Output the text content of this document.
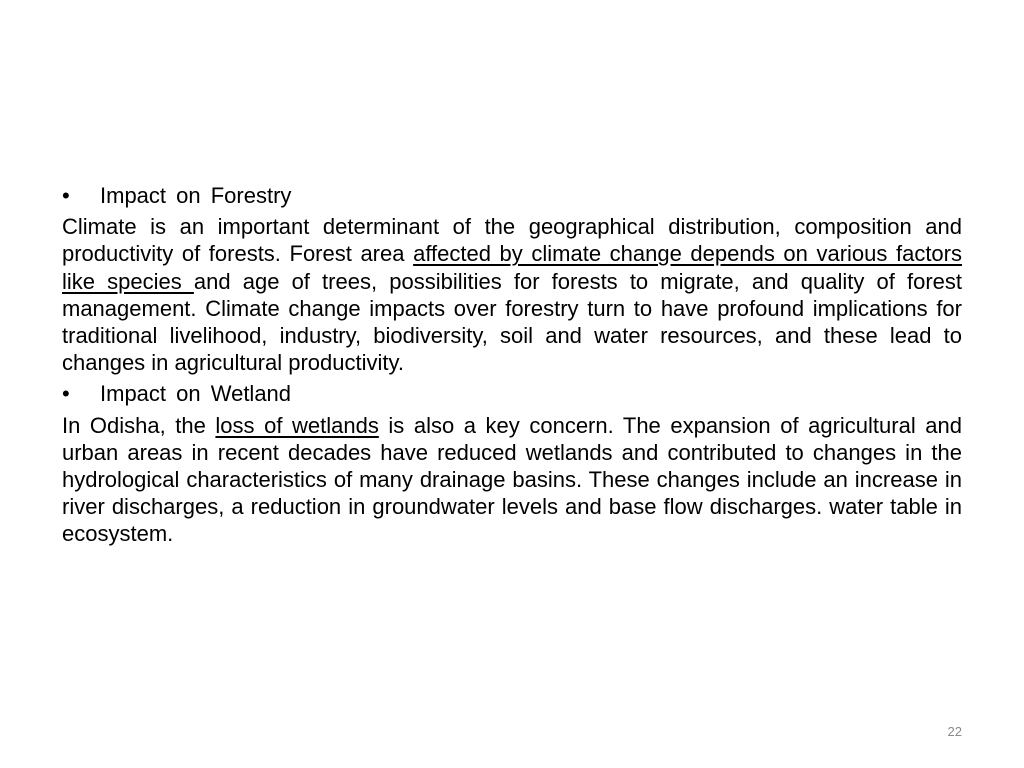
•	Impact on Forestry

Climate is an important determinant of the geographical distribution, composition and productivity of forests. Forest area affected by climate change depends on various factors like species and age of trees, possibilities for forests to migrate, and quality of forest management. Climate change impacts over forestry turn to have profound implications for traditional livelihood, industry, biodiversity, soil and water resources, and these lead to changes in agricultural productivity.

•	Impact on Wetland

In Odisha, the loss of wetlands is also a key concern. The expansion of agricultural and urban areas in recent decades have reduced wetlands and contributed to changes in the hydrological characteristics of many drainage basins. These changes include an increase in river discharges, a reduction in groundwater levels and base flow discharges. water table in ecosystem.

22
